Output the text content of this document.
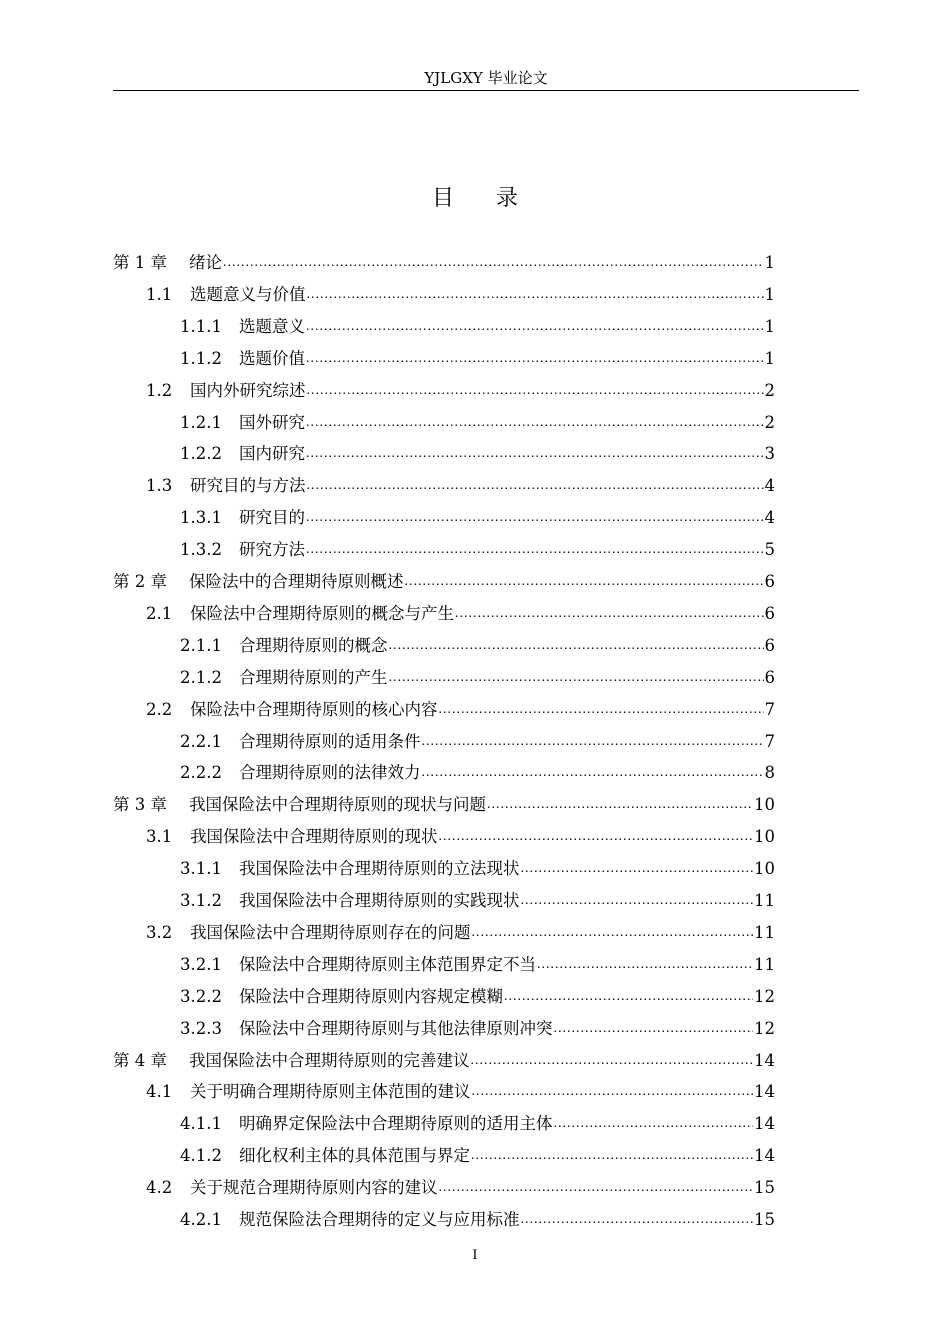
YJLGXY 毕业论文
目 录
第 1 章	绪论 .....	1
1.1	选题意义与价值 .....	1
1.1.1	选题意义 .....	1
1.1.2	选题价值 .....	1
1.2	国内外研究综述 .....	2
1.2.1	国外研究 .....	2
1.2.2	国内研究 .....	3
1.3	研究目的与方法 .....	4
1.3.1	研究目的 .....	4
1.3.2	研究方法 .....	5
第 2 章	保险法中的合理期待原则概述 .....	6
2.1	保险法中合理期待原则的概念与产生 .....	6
2.1.1	合理期待原则的概念 .....	6
2.1.2	合理期待原则的产生 .....	6
2.2	保险法中合理期待原则的核心内容 .....	7
2.2.1	合理期待原则的适用条件 .....	7
2.2.2	合理期待原则的法律效力 .....	8
第 3 章	我国保险法中合理期待原则的现状与问题 .....	10
3.1	我国保险法中合理期待原则的现状 .....	10
3.1.1	我国保险法中合理期待原则的立法现状 .....	10
3.1.2	我国保险法中合理期待原则的实践现状 .....	11
3.2	我国保险法中合理期待原则存在的问题 .....	11
3.2.1	保险法中合理期待原则主体范围界定不当 .....	11
3.2.2	保险法中合理期待原则内容规定模糊 .....	12
3.2.3	保险法中合理期待原则与其他法律原则冲突 .....	12
第 4 章	我国保险法中合理期待原则的完善建议 .....	14
4.1	关于明确合理期待原则主体范围的建议 .....	14
4.1.1	明确界定保险法中合理期待原则的适用主体 .....	14
4.1.2	细化权利主体的具体范围与界定 .....	14
4.2	关于规范合理期待原则内容的建议 .....	15
4.2.1	规范保险法合理期待的定义与应用标准 .....	15
I
